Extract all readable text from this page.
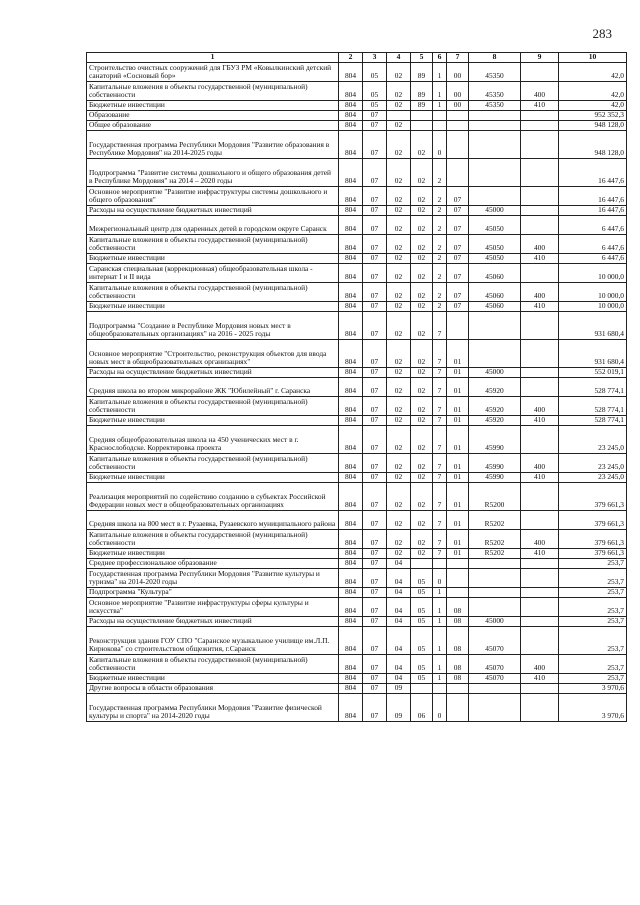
283
1	2	3	4	5	6	7	8	9	10
Строительство очистных сооружений для ГБУЗ РМ «Ковылкинский детский санаторий «Сосновый бор»	804	05	02	89	1	00	45350		42,0
Капитальные вложения в объекты государственной (муниципальной) собственности	804	05	02	89	1	00	45350	400	42,0
Бюджетные инвестиции	804	05	02	89	1	00	45350	410	42,0
Образование	804	07							952 352,3
Общее образование	804	07	02						948 128,0
Государственная программа Республики Мордовия "Развитие образования в Республике Мордовия" на 2014-2025 годы	804	07	02	02	0				948 128,0
Подпрограмма "Развитие системы дошкольного и общего образования детей в Республике Мордовия" на 2014 – 2020 годы	804	07	02	02	2				16 447,6
Основное мероприятие "Развитие инфраструктуры системы дошкольного и общего образования"	804	07	02	02	2	07			16 447,6
Расходы на осуществление бюджетных инвестиций	804	07	02	02	2	07	45000		16 447,6
Межрегиональный центр для одаренных детей в городском округе Саранск	804	07	02	02	2	07	45050		6 447,6
Капитальные вложения в объекты государственной (муниципальной) собственности	804	07	02	02	2	07	45050	400	6 447,6
Бюджетные инвестиции	804	07	02	02	2	07	45050	410	6 447,6
Саранская специальная (коррекционная) общеобразовательная школа - интернат I и II вида	804	07	02	02	2	07	45060		10 000,0
Капитальные вложения в объекты государственной (муниципальной) собственности	804	07	02	02	2	07	45060	400	10 000,0
Бюджетные инвестиции	804	07	02	02	2	07	45060	410	10 000,0
Подпрограмма "Создание в Республике Мордовия новых мест в общеобразовательных организациях" на 2016 - 2025 годы	804	07	02	02	7				931 680,4
Основное мероприятие "Строительство, реконструкция объектов для ввода новых мест в общеобразовательных организациях"	804	07	02	02	7	01			931 680,4
Расходы на осуществление бюджетных инвестиций	804	07	02	02	7	01	45000		552 019,1
Средняя школа во втором микрорайоне ЖК "Юбилейный" г. Саранска	804	07	02	02	7	01	45920		528 774,1
Капитальные вложения в объекты государственной (муниципальной) собственности	804	07	02	02	7	01	45920	400	528 774,1
Бюджетные инвестиции	804	07	02	02	7	01	45920	410	528 774,1
Средняя общеобразовательная школа на 450 ученических мест в г. Краснослободске. Корректировка проекта	804	07	02	02	7	01	45990		23 245,0
Капитальные вложения в объекты государственной (муниципальной) собственности	804	07	02	02	7	01	45990	400	23 245,0
Бюджетные инвестиции	804	07	02	02	7	01	45990	410	23 245,0
Реализация мероприятий по содействию созданию в субъектах Российской Федерации новых мест в общеобразовательных организациях	804	07	02	02	7	01	R5200		379 661,3
Средняя школа на 800 мест в г. Рузаевка, Рузаевского муниципального района	804	07	02	02	7	01	R5202		379 661,3
Капитальные вложения в объекты государственной (муниципальной) собственности	804	07	02	02	7	01	R5202	400	379 661,3
Бюджетные инвестиции	804	07	02	02	7	01	R5202	410	379 661,3
Среднее профессиональное образование	804	07	04						253,7
Государственная программа Республики Мордовия "Развитие культуры и туризма" на 2014-2020 годы	804	07	04	05	0				253,7
Подпрограмма "Культура"	804	07	04	05	1				253,7
Основное мероприятие "Развитие инфраструктуры сферы культуры и искусства"	804	07	04	05	1	08			253,7
Расходы на осуществление бюджетных инвестиций	804	07	04	05	1	08	45000		253,7
Реконструкция здания ГОУ СПО "Саранское музыкальное училище им.Л.П. Кирюкова" со строительством общежития, г.Саранск	804	07	04	05	1	08	45070		253,7
Капитальные вложения в объекты государственной (муниципальной) собственности	804	07	04	05	1	08	45070	400	253,7
Бюджетные инвестиции	804	07	04	05	1	08	45070	410	253,7
Другие вопросы в области образования	804	07	09						3 970,6
Государственная программа Республики Мордовия "Развитие физической культуры и спорта" на 2014-2020 годы	804	07	09	06	0				3 970,6
